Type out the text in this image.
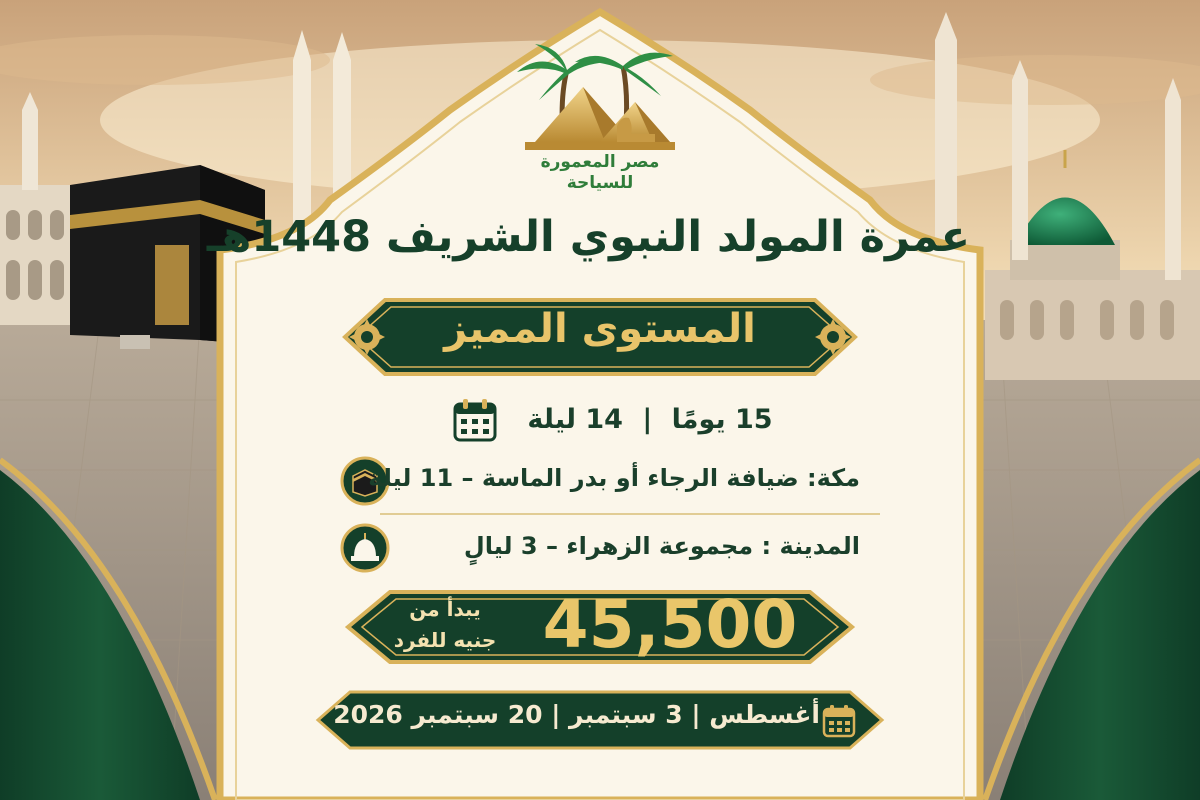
مصر المعمورة
للسياحة
عمرة المولد النبوي الشريف 1448هـ
المستوى المميز
15 يومًا | 14 ليلة
مكة: ضيافة الرجاء أو بدر الماسة – 11 ليلة
المدينة : مجموعة الزهراء – 3 ليالٍ
45,500
يبدأ من
جنيه للفرد
أغسطس | 3 سبتمبر | 20 سبتمبر 2026
